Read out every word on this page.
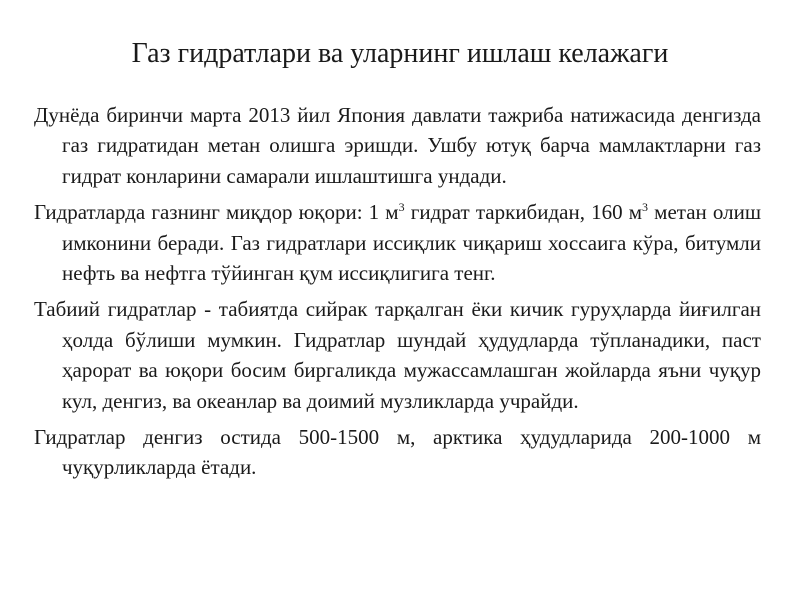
Газ гидратлари ва уларнинг ишлаш келажаги

Дунёда биринчи марта 2013 йил Япония давлати тажриба натижасида денгизда газ гидратидан метан олишга эришди. Ушбу ютуқ барча мамлактларни газ гидрат конларини самарали ишлаштишга ундади.

Гидратларда газнинг миқдор юқори: 1 $м^3$ гидрат таркибидан, 160 $м^3$ метан олиш имконини беради. Газ гидратлари иссиқлик чиқариш хоссаига кўра, битумли нефть ва нефтга тўйинган қум иссиқлигига тенг.

Табиий гидратлар - табиятда сийрак тарқалган ёки кичик гуруҳларда йиғилган ҳолда бўлиши мумкин. Гидратлар шундай ҳудудларда тўпланадики, паст ҳарорат ва юқори босим биргаликда мужассамлашган жойларда яъни чуқур кул, денгиз, ва океанлар ва доимий музликларда учрайди.

Гидратлар денгиз остида 500-1500 м, арктика ҳудудларида 200-1000 м чуқурликларда ётади.
